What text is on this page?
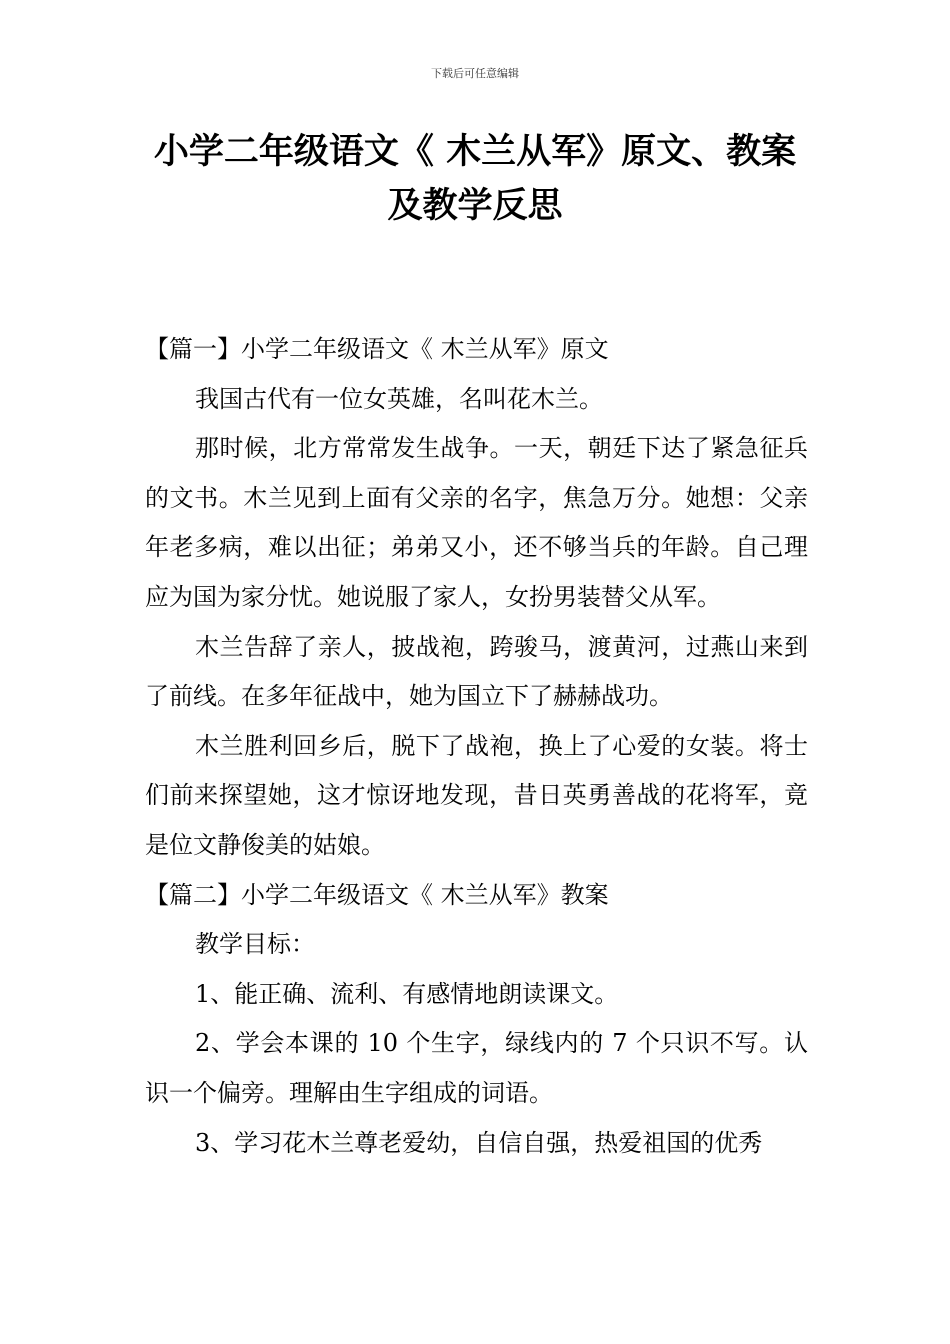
下载后可任意编辑
小学二年级语文《 木兰从军》原文、教案
及教学反思

【篇一】小学二年级语文《 木兰从军》原文

我国古代有一位女英雄，名叫花木兰。

那时候，北方常常发生战争。一天，朝廷下达了紧急征兵的文书。木兰见到上面有父亲的名字，焦急万分。她想：父亲年老多病，难以出征；弟弟又小，还不够当兵的年龄。自己理应为国为家分忧。她说服了家人，女扮男装替父从军。

木兰告辞了亲人，披战袍，跨骏马，渡黄河，过燕山来到了前线。在多年征战中，她为国立下了赫赫战功。

木兰胜利回乡后，脱下了战袍，换上了心爱的女装。将士们前来探望她，这才惊讶地发现，昔日英勇善战的花将军，竟是位文静俊美的姑娘。

【篇二】小学二年级语文《 木兰从军》教案

教学目标：

1、能正确、流利、有感情地朗读课文。

2、学会本课的 10 个生字，绿线内的 7 个只识不写。认识一个偏旁。理解由生字组成的词语。

3、学习花木兰尊老爱幼，自信自强，热爱祖国的优秀
